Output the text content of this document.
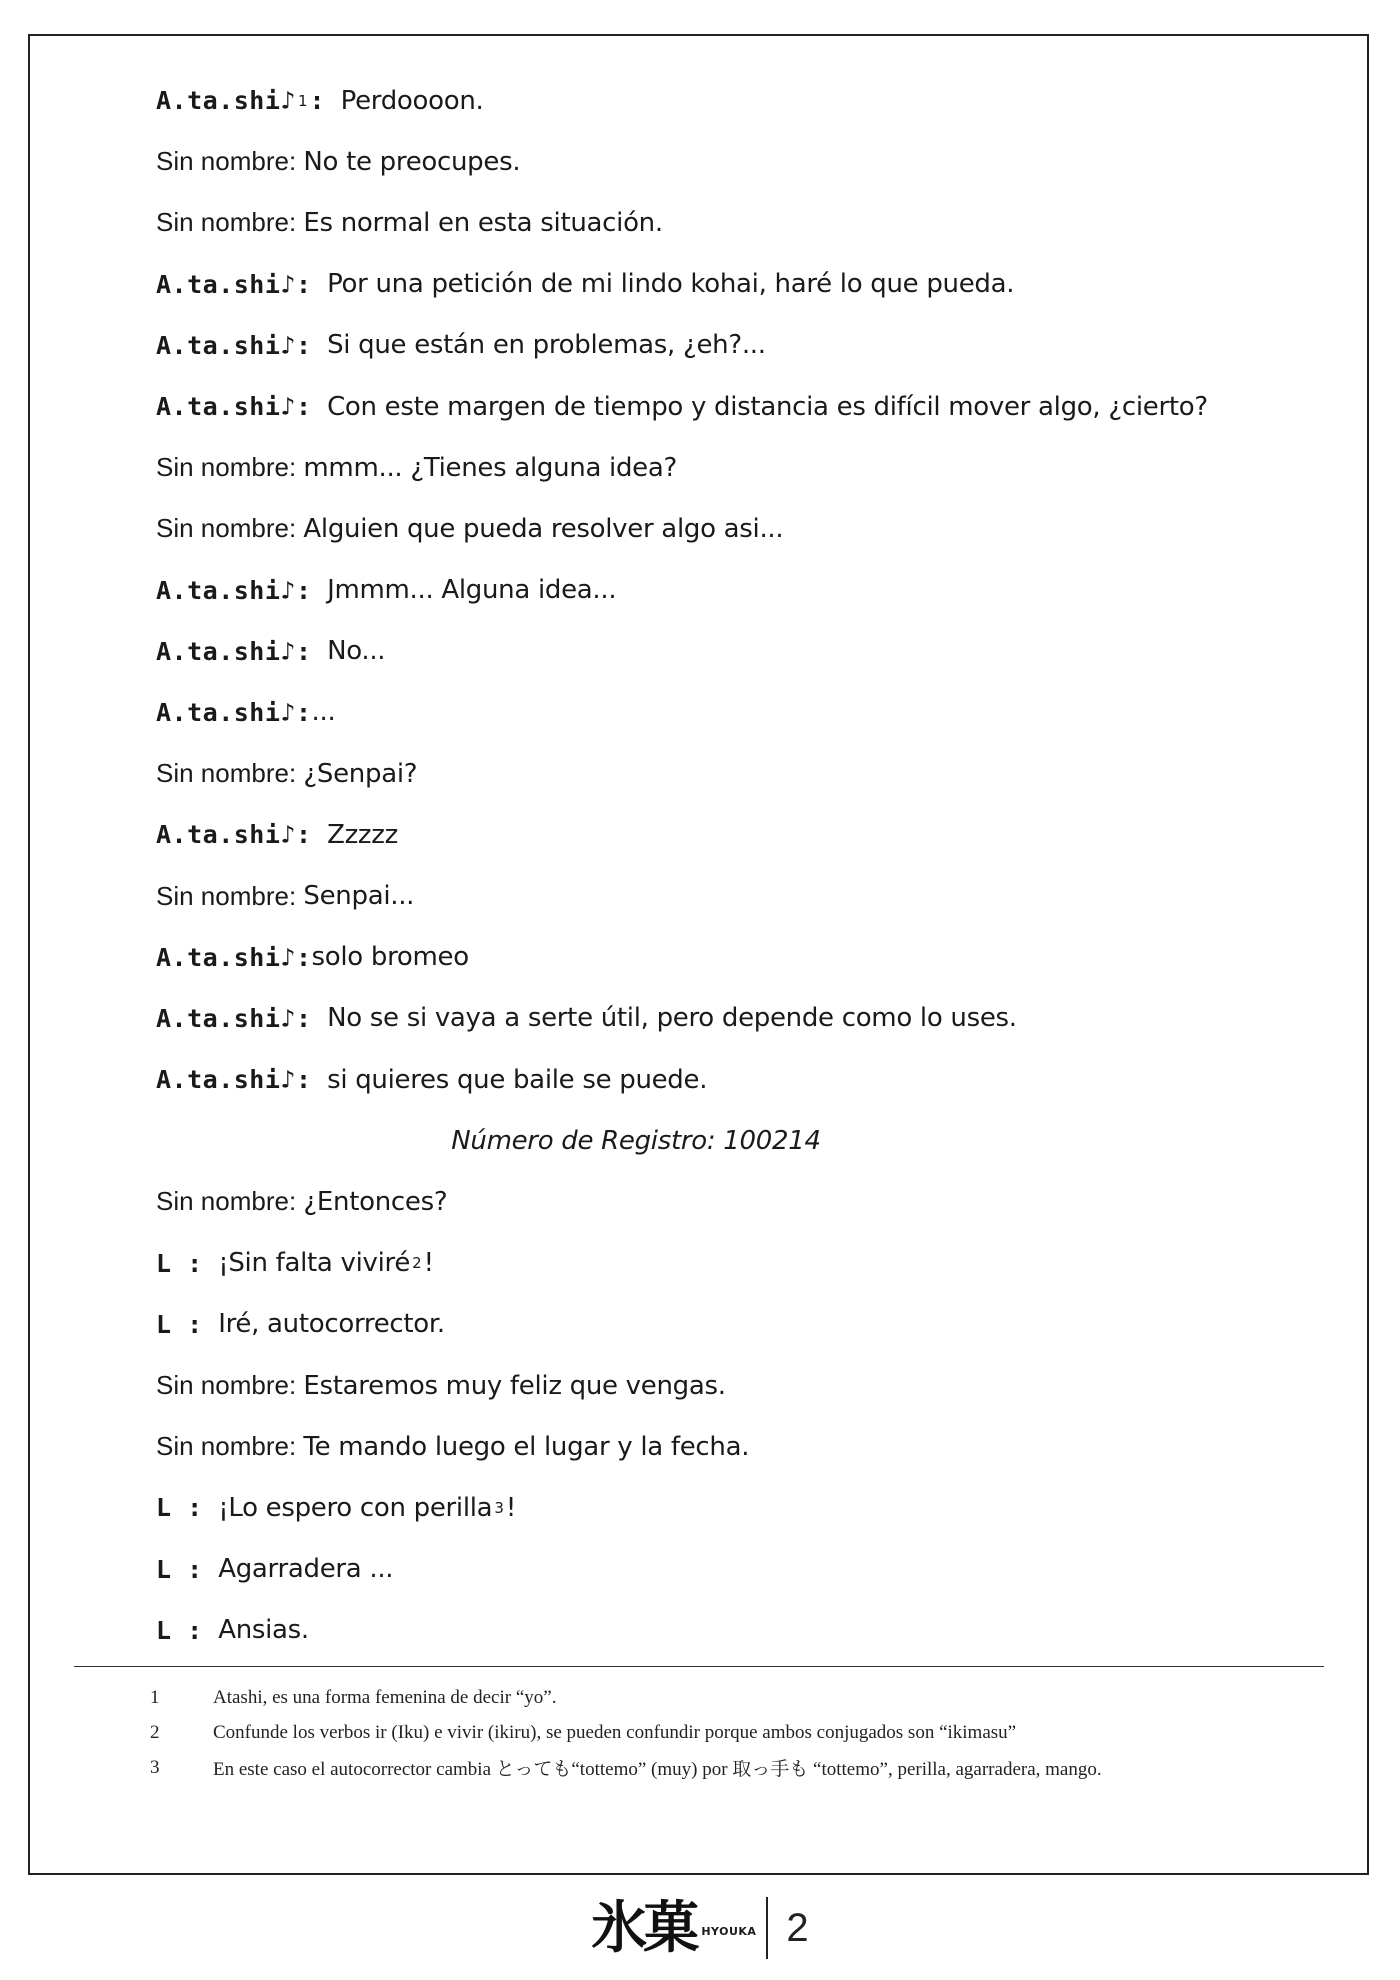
A.ta.shi♪ 1 : Perdoooon.
Sin nombre: No te preocupes.
Sin nombre: Es normal en esta situación.
A.ta.shi♪: Por una petición de mi lindo kohai, haré lo que pueda.
A.ta.shi♪: Si que están en problemas, ¿eh?...
A.ta.shi♪: Con este margen de tiempo y distancia es difícil mover algo, ¿cierto?
Sin nombre: mmm... ¿Tienes alguna idea?
Sin nombre: Alguien que pueda resolver algo asi...
A.ta.shi♪: Jmmm... Alguna idea...
A.ta.shi♪: No...
A.ta.shi♪: ...
Sin nombre: ¿Senpai?
A.ta.shi♪: Zzzzz
Sin nombre: Senpai...
A.ta.shi♪: solo bromeo
A.ta.shi♪: No se si vaya a serte útil, pero depende como lo uses.
A.ta.shi♪: si quieres que baile se puede.
Número de Registro: 100214
Sin nombre: ¿Entonces?
L : ¡Sin falta viviré 2 !
L : Iré, autocorrector.
Sin nombre: Estaremos muy feliz que vengas.
Sin nombre: Te mando luego el lugar y la fecha.
L : ¡Lo espero con perilla 3 !
L : Agarradera ...
L : Ansias.
1	Atashi, es una forma femenina de decir “yo”.
2	Confunde los verbos ir (Iku) e vivir (ikiru), se pueden confundir porque ambos conjugados son “ikimasu”
3	En este caso el autocorrector cambia とっても“tottemo” (muy) por 取っ手も “tottemo”, perilla, agarradera, mango.
氷菓 HYOUKA 2
